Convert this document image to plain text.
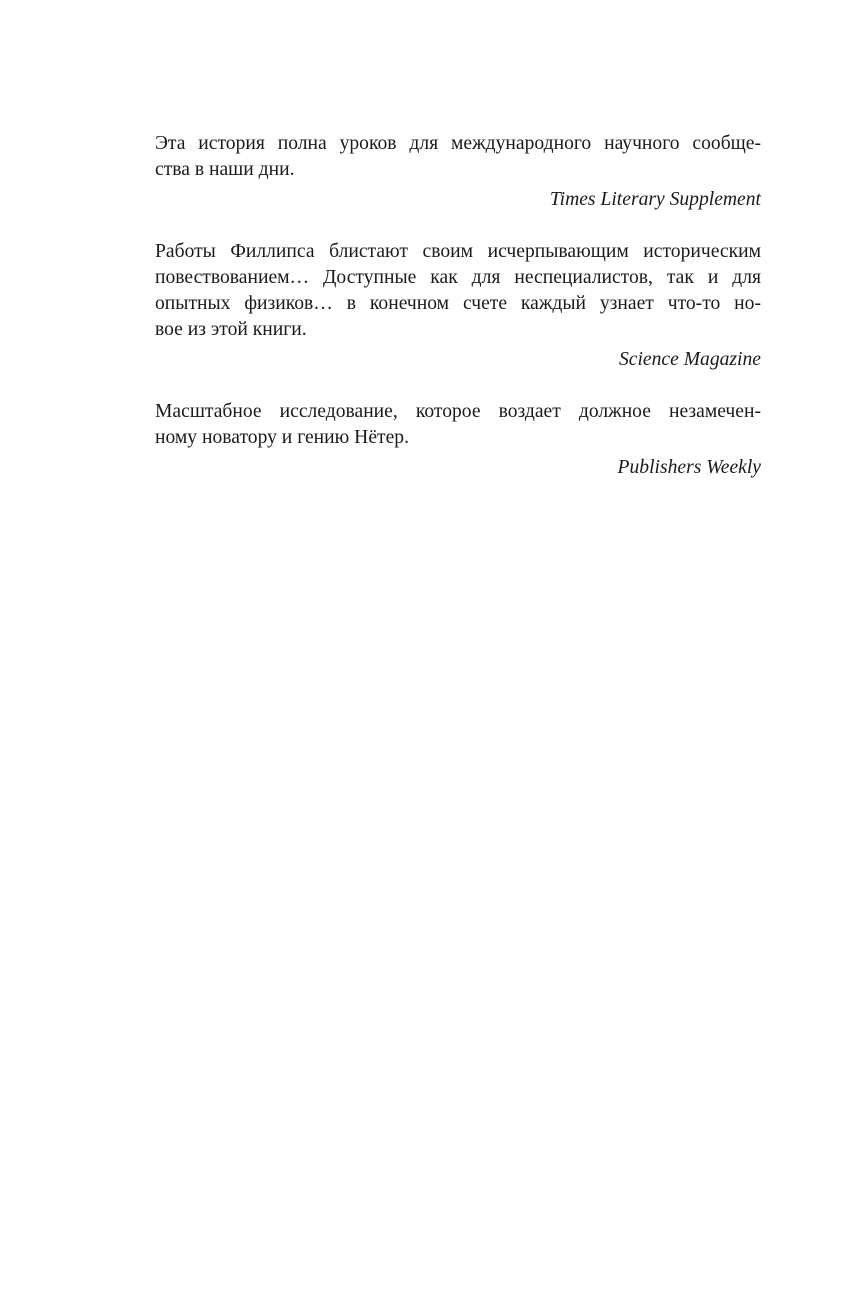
Эта история полна уроков для международного научного сообще-
ства в наши дни.

Times Literary Supplement

Работы Филлипса блистают своим исчерпывающим историческим
повествованием… Доступные как для неспециалистов, так и для
опытных физиков… в конечном счете каждый узнает что-то но-
вое из этой книги.

Science Magazine

Масштабное исследование, которое воздает должное незамечен-
ному новатору и гению Нётер.

Publishers Weekly
